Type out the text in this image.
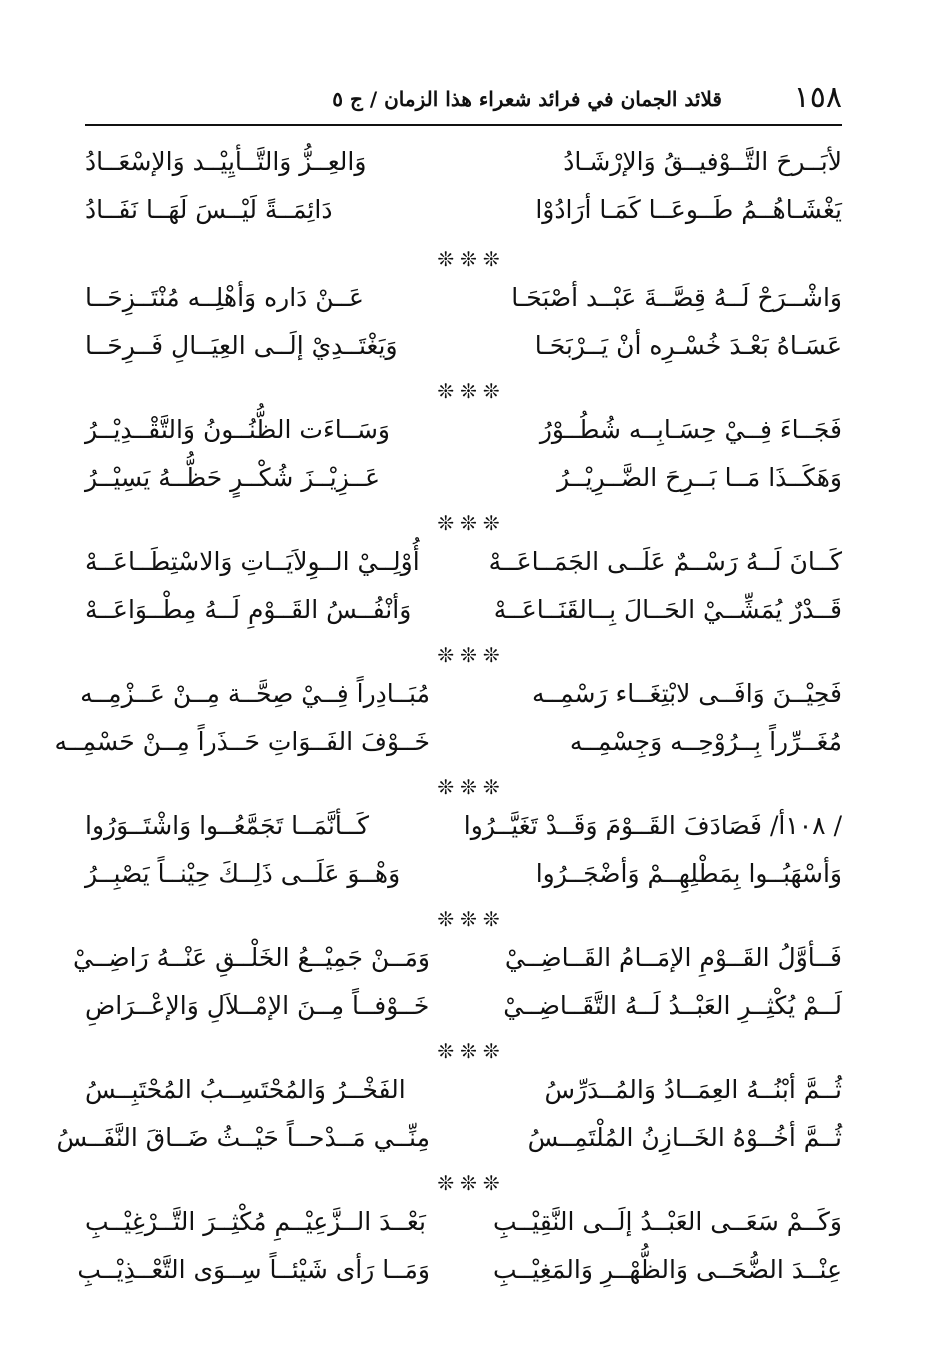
١٥٨
قلائد الجمان في فرائد شعراء هذا الزمان / ج ٥
لأبَــرحَ التَّــوْفيــقُ وَالإرْشَـادُ
وَالعِــزُّ وَالتَّــأيِيْــد وَالإسْعَــادُ
يَغْشَـاهُــمُ طَــوعَــا كَمَـا أرَادُوْا
دَائِمَــةً لَيْــسَ لَهَــا نَفَــادُ
❊❊❊
وَاشْــرَحْ لَــهُ قِصَّــةَ عَبْــد أصْبَحَـا
عَــنْ دَاره وَأهْلِــه مُنْتَــزِحَــا
عَسَـاهُ بَعْـدَ خُسْـرِه أنْ يَــرْبَحَـا
وَيَغْتَــدِيْ إلَــى العِيَــالِ فَــرِحَــا
❊❊❊
فَجَــاءَ فِــيْ حِسَـابِــه شُطُــوْرُ
وَسَــاءَت الظُّنُــونُ وَالتَّقْــدِيْــرُ
وَهَكَــذَا مَــا بَــرِحَ الضَّــرِيْــرُ
عَــزِيْــزَ شُكْــرٍ حَظُّــهُ يَسِيْــرُ
❊❊❊
كَــانَ لَــهُ رَسْــمٌ عَلَــى الجَمَــاعَــهْ
أُوْلِــيْ الــوِلاَيَــاتِ وَالاسْتِطَــاعَــهْ
قَــدْرٌ يُمَشِّــيْ الحَــالَ بِــالقَنَــاعَــهْ
وَأنْفُــسُ القَــوْمِ لَــهُ مِطْــوَاعَــهْ
❊❊❊
فَحِيْــنَ وَافَــى لابْتِغَــاء رَسْمِــه
مُبَــادِراً فِــيْ صِحَّــة مِــنْ عَــزْمِــه
مُغَــرِّراً بِــرُوْحِــه وَجِسْمِــه
خَــوْفَ الفَــوَاتِ حَــذَراً مِــنْ حَسْمِــه
❊❊❊
/ ١٠٨أ/ فَصَادَفَ القَــوْمَ وَقَــدْ تَغَيَّــرُوا
كَــأنَّمَــا تَجَمَّعُــوا وَاشْتَــوَرُوا
وَأسْهَبُــوا بِمَطْلِهِــمْ وَأضْجَــرُوا
وَهْــوَ عَلَــى ذَلِــكَ حِيْنــاً يَصْبِــرُ
❊❊❊
فَــأوَّلُ القَــوْمِ الإمَــامُ القَــاضِــيْ
وَمَــنْ جَمِيْــعُ الخَلْــقِ عَنْــهُ رَاضِــيْ
لَــمْ يُكْثِــرِ العَبْــدُ لَــهُ التَّقَــاضِــيْ
خَــوْفــاً مِــنَ الإمْــلاَلِ وَالإعْــرَاضِ
❊❊❊
ثُــمَّ أبْنُــهُ العِمَــادُ وَالمُــدَرِّسُ
الفَخْــرُ وَالمُحْتَسِــبُ المُحْتَبِــسُ
ثُــمَّ أخُــوْهُ الخَــازِنُ المُلْتَمِــسُ
مِنِّــي مَــدْحــاً حَيْــثُ ضَــاقَ النَّفَــسُ
❊❊❊
وَكَــمْ سَعَــى العَبْــدُ إلَــى النَّقِيْــبِ
بَعْــدَ الــزَّعِيْــمِ مُكْثِــرَ التَّــرْغِيْــبِ
عِنْــدَ الضُّحَــى وَالظُّهْــرِ وَالمَغِيْــبِ
وَمَــا رَأى شَيْئــاً سِــوَى التَّعْــذِيْــبِ
